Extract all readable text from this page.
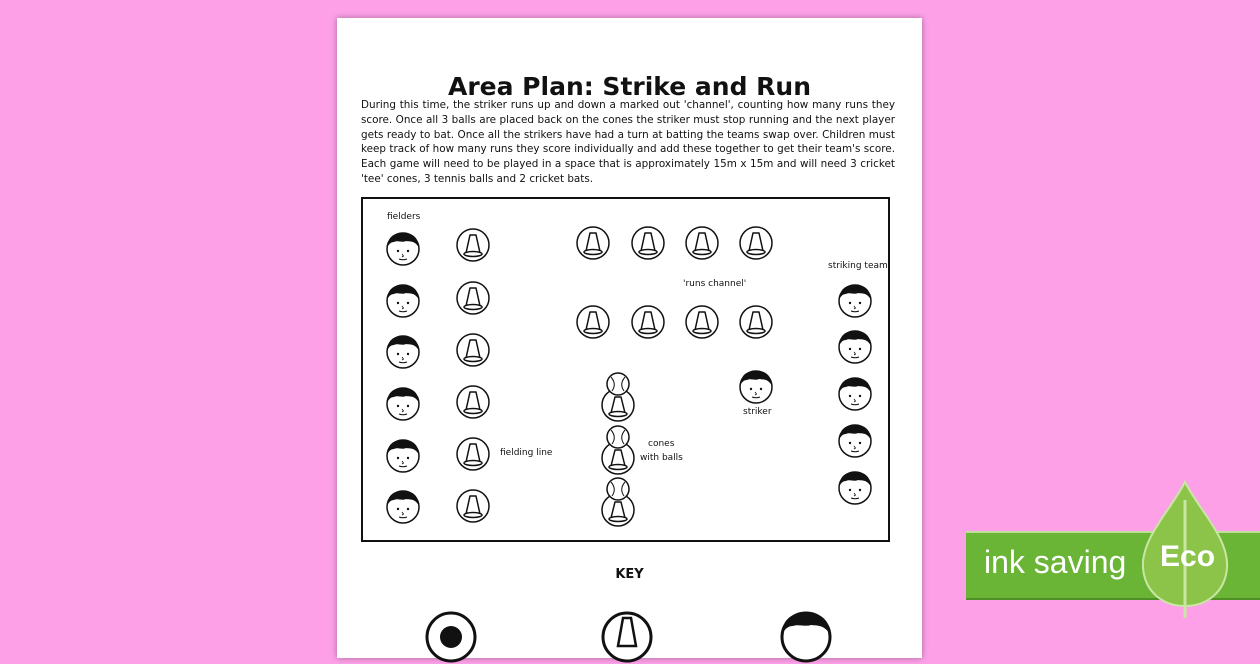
Area Plan: Strike and Run
During this time, the striker runs up and down a marked out 'channel', counting how many runs they score. Once all 3 balls are placed back on the cones the striker must stop running and the next player gets ready to bat. Once all the strikers have had a turn at batting the teams swap over. Children must keep track of how many runs they score individually and add these together to get their team's score. Each game will need to be played in a space that is approximately 15m x 15m and will need 3 cricket 'tee' cones, 3 tennis balls and 2 cricket bats.
fielders
fielding line
'runs channel'
cones
with balls
striker
striking team
KEY	ink saving Eco
